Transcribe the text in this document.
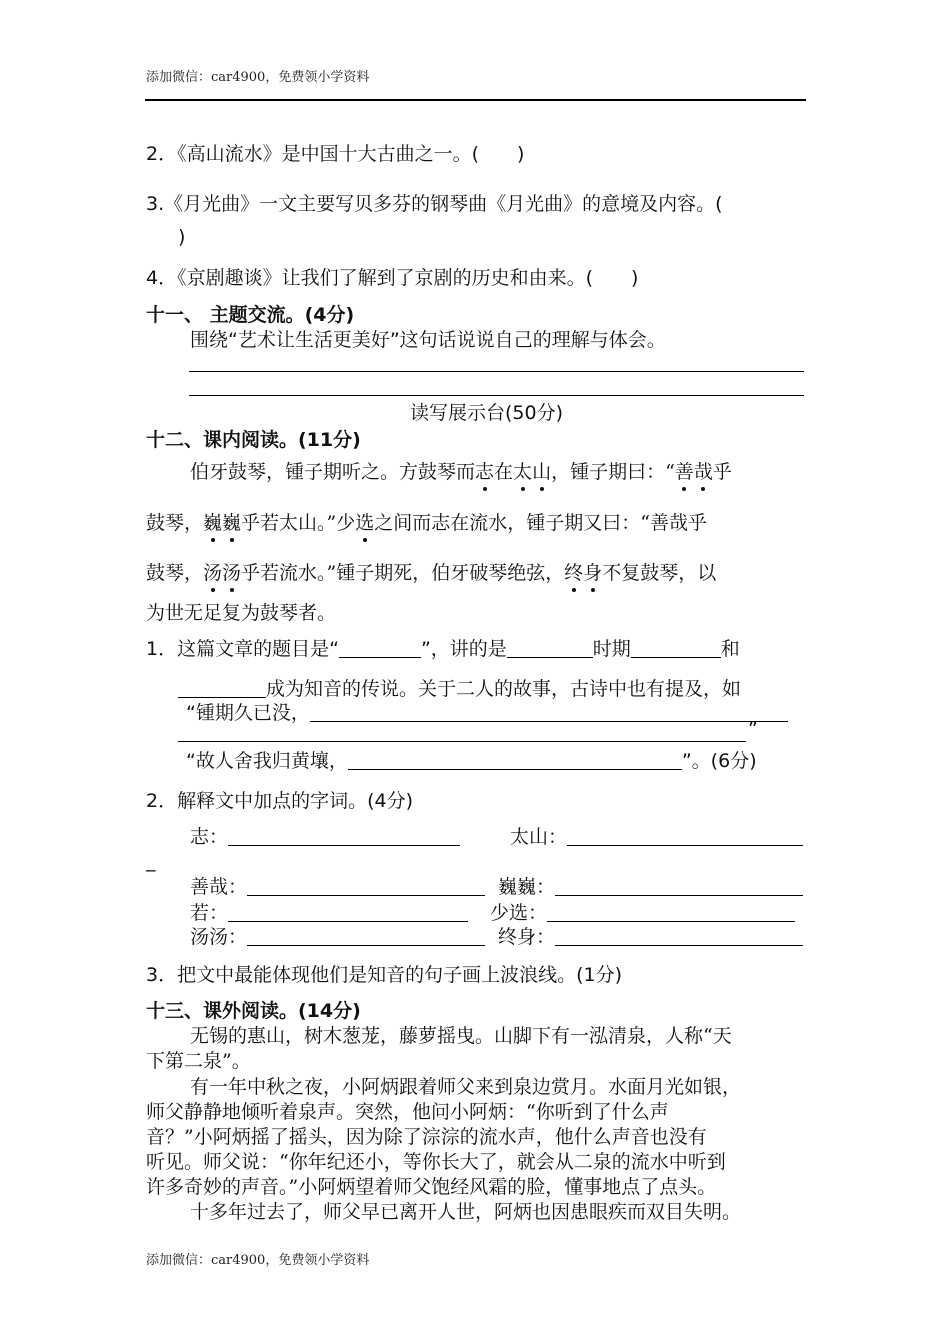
添加微信：car4900，免费领小学资料
2．《高山流水》是中国十大古曲之一。(　　)
3.《月光曲》一文主要写贝多芬的钢琴曲《月光曲》的意境及内容。(
)
4．《京剧趣谈》让我们了解到了京剧的历史和由来。(　　)
十一、 主题交流。(4分)
围绕“艺术让生活更美好”这句话说说自己的理解与体会。
读写展示台(50分)
十二、课内阅读。(11分)
伯牙鼓琴，锺子期听之。方鼓琴而志在太山，锺子期曰：“善哉乎
鼓琴，巍巍乎若太山。”少选之间而志在流水，锺子期又曰：“善哉乎
鼓琴，汤汤乎若流水。”锺子期死，伯牙破琴绝弦，终身不复鼓琴，以
为世无足复为鼓琴者。
1．这篇文章的题目是“	”，讲的是	时期	和
成为知音的传说。关于二人的故事，古诗中也有提及，如
“锺期久已没，
”
“故人舍我归黄壤，	”。(6分)
2．解释文中加点的字词。(4分)
志：	太山：
_
善哉：	巍巍：
若：	少选：
汤汤：	终身：
3．把文中最能体现他们是知音的句子画上波浪线。(1分)
十三、课外阅读。(14分)
无锡的惠山，树木葱茏，藤萝摇曳。山脚下有一泓清泉，人称“天
下第二泉”。
有一年中秋之夜，小阿炳跟着师父来到泉边赏月。水面月光如银，
师父静静地倾听着泉声。突然，他问小阿炳：“你听到了什么声
音？”小阿炳摇了摇头，因为除了淙淙的流水声，他什么声音也没有
听见。师父说：“你年纪还小，等你长大了，就会从二泉的流水中听到
许多奇妙的声音。”小阿炳望着师父饱经风霜的脸，懂事地点了点头。
十多年过去了，师父早已离开人世，阿炳也因患眼疾而双目失明。
添加微信：car4900，免费领小学资料
